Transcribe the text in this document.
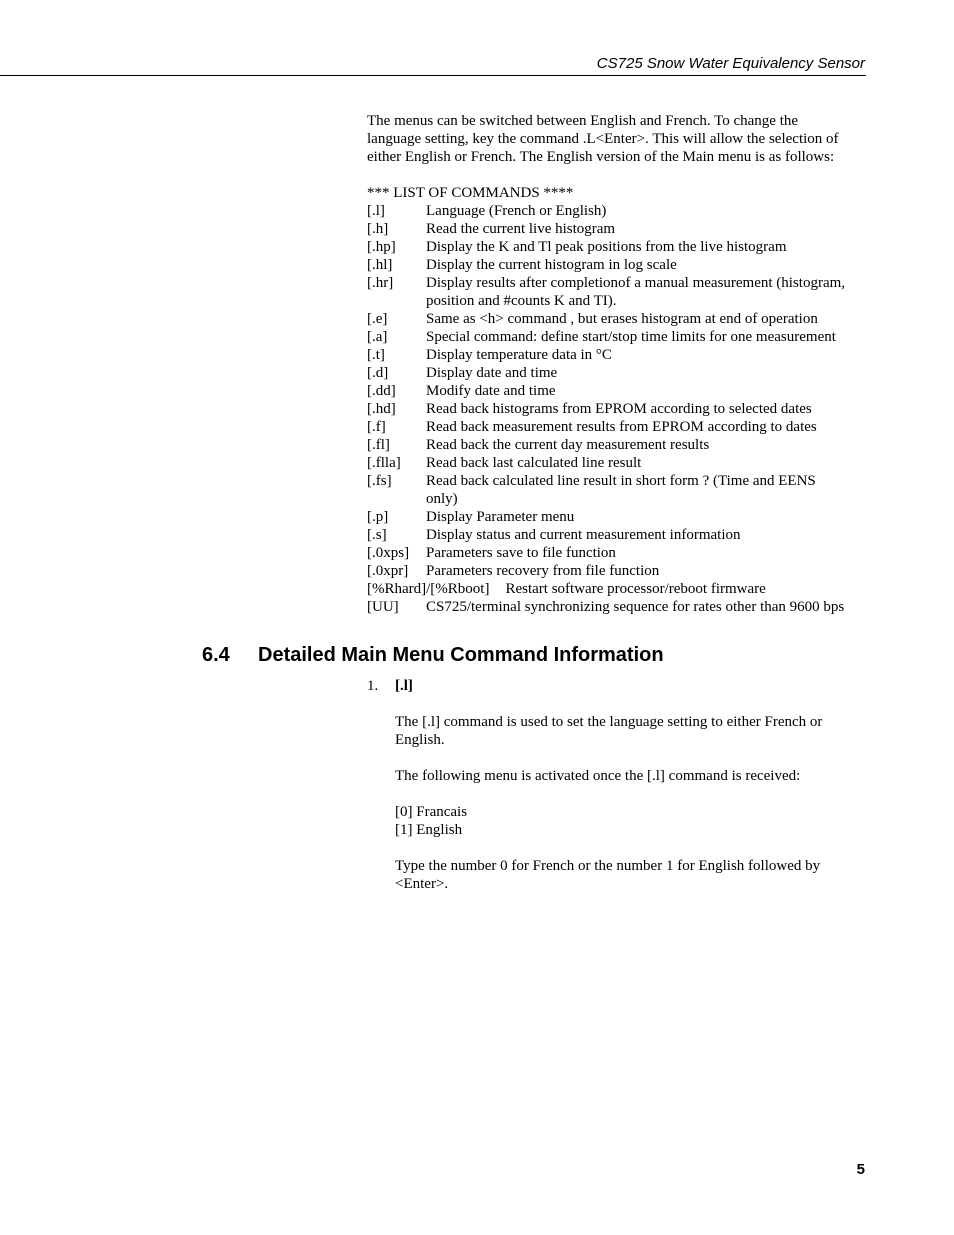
CS725 Snow Water Equivalency Sensor

The menus can be switched between English and French. To change the

language setting, key the command .L<Enter>. This will allow the selection of

either English or French. The English version of the Main menu is as follows:

*** LIST OF COMMANDS ****

[.l]	Language (French or English)
[.h]	Read the current live histogram
[.hp]	Display the K and Tl peak positions from the live histogram
[.hl]	Display the current histogram in log scale
[.hr]	Display results after completionof a manual measurement (histogram,
position and #counts K and TI).
[.e]	Same as <h> command , but erases histogram at end of operation
[.a]	Special command: define start/stop time limits for one measurement
[.t]	Display temperature data in °C
[.d]	Display date and time
[.dd]	Modify date and time
[.hd]	Read back histograms from EPROM according to selected dates
[.f]	Read back measurement results from EPROM according to dates
[.fl]	Read back the current day measurement results
[.flla]	Read back last calculated line result
[.fs]	Read back calculated line result in short form ? (Time and EENS
only)
[.p]	Display Parameter menu
[.s]	Display status and current measurement information
[.0xps]	Parameters save to file function
[.0xpr]	Parameters recovery from file function
[%Rhard]/[%Rboot] Restart software processor/reboot firmware
[UU]	CS725/terminal synchronizing sequence for rates other than 9600 bps
6.4 Detailed Main Menu Command Information
1. [.l]

The [.l] command is used to set the language setting to either French or

English.

The following menu is activated once the [.l] command is received:

[0] Francais

[1] English

Type the number 0 for French or the number 1 for English followed by

<Enter>.

5
